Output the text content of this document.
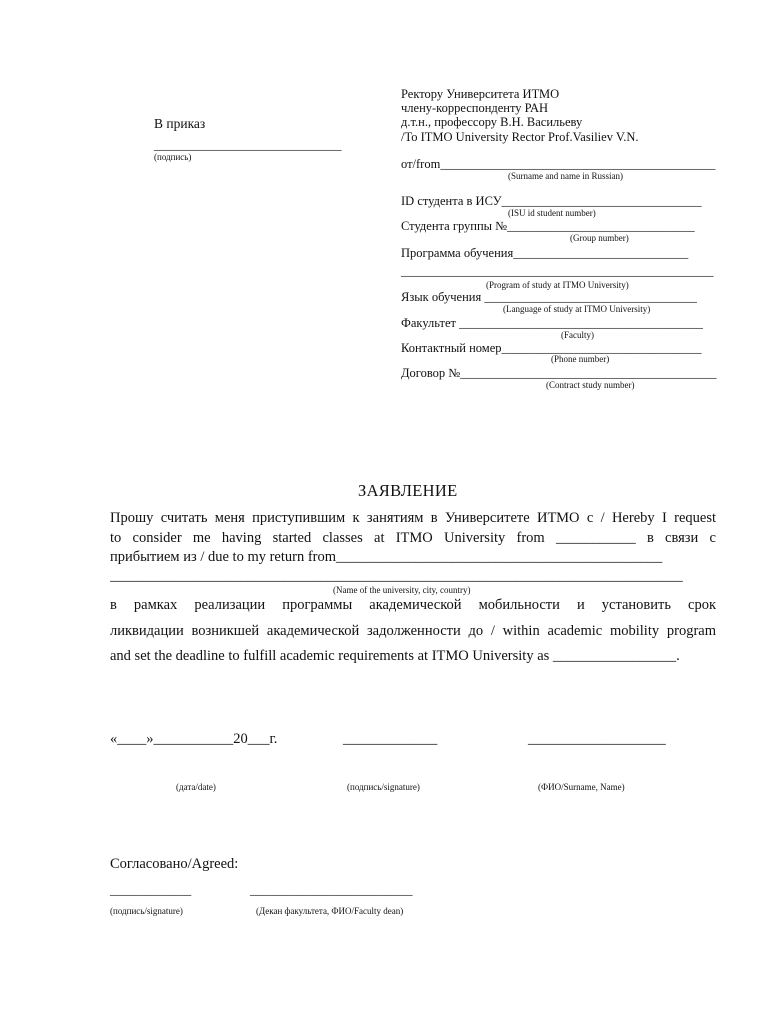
В приказ
______________________________
(подпись)
Ректору Университета ИТМО
члену-корреспонденту РАН
д.т.н., профессору В.Н. Васильеву
/To ITMO University Rector Prof.Vasiliev V.N.
от/from____________________________________________
(Surname and name in Russian)
ID студента в ИСУ________________________________
(ISU id student number)
Студента группы №______________________________
(Group number)
Программа обучения____________________________
__________________________________________________
(Program of study at ITMO University)
Язык обучения __________________________________
(Language of study at ITMO University)
Факультет _______________________________________
(Faculty)
Контактный номер________________________________
(Phone number)
Договор №_________________________________________
(Contract study number)
ЗАЯВЛЕНИЕ
Прошу считать меня приступившим к занятиям в Университете ИТМО с / Hereby I request
to consider me having started classes at ITMO University from ___________ в связи с
прибытием из / due to my return from_____________________________________________
_______________________________________________________________________________
(Name of the university, city, country)
в рамках реализации программы академической мобильности и установить срок
ликвидации возникшей академической задолженности до / within academic mobility program
and set the deadline to fulfill academic requirements at ITMO University as _________________.
«____»___________20___г.	_____________	___________________
(дата/date)	(подпись/signature)	(ФИО/Surname, Name)
Согласовано/Agreed:
_____________	__________________________
(подпись/signature)	(Декан факультета, ФИО/Faculty dean)
